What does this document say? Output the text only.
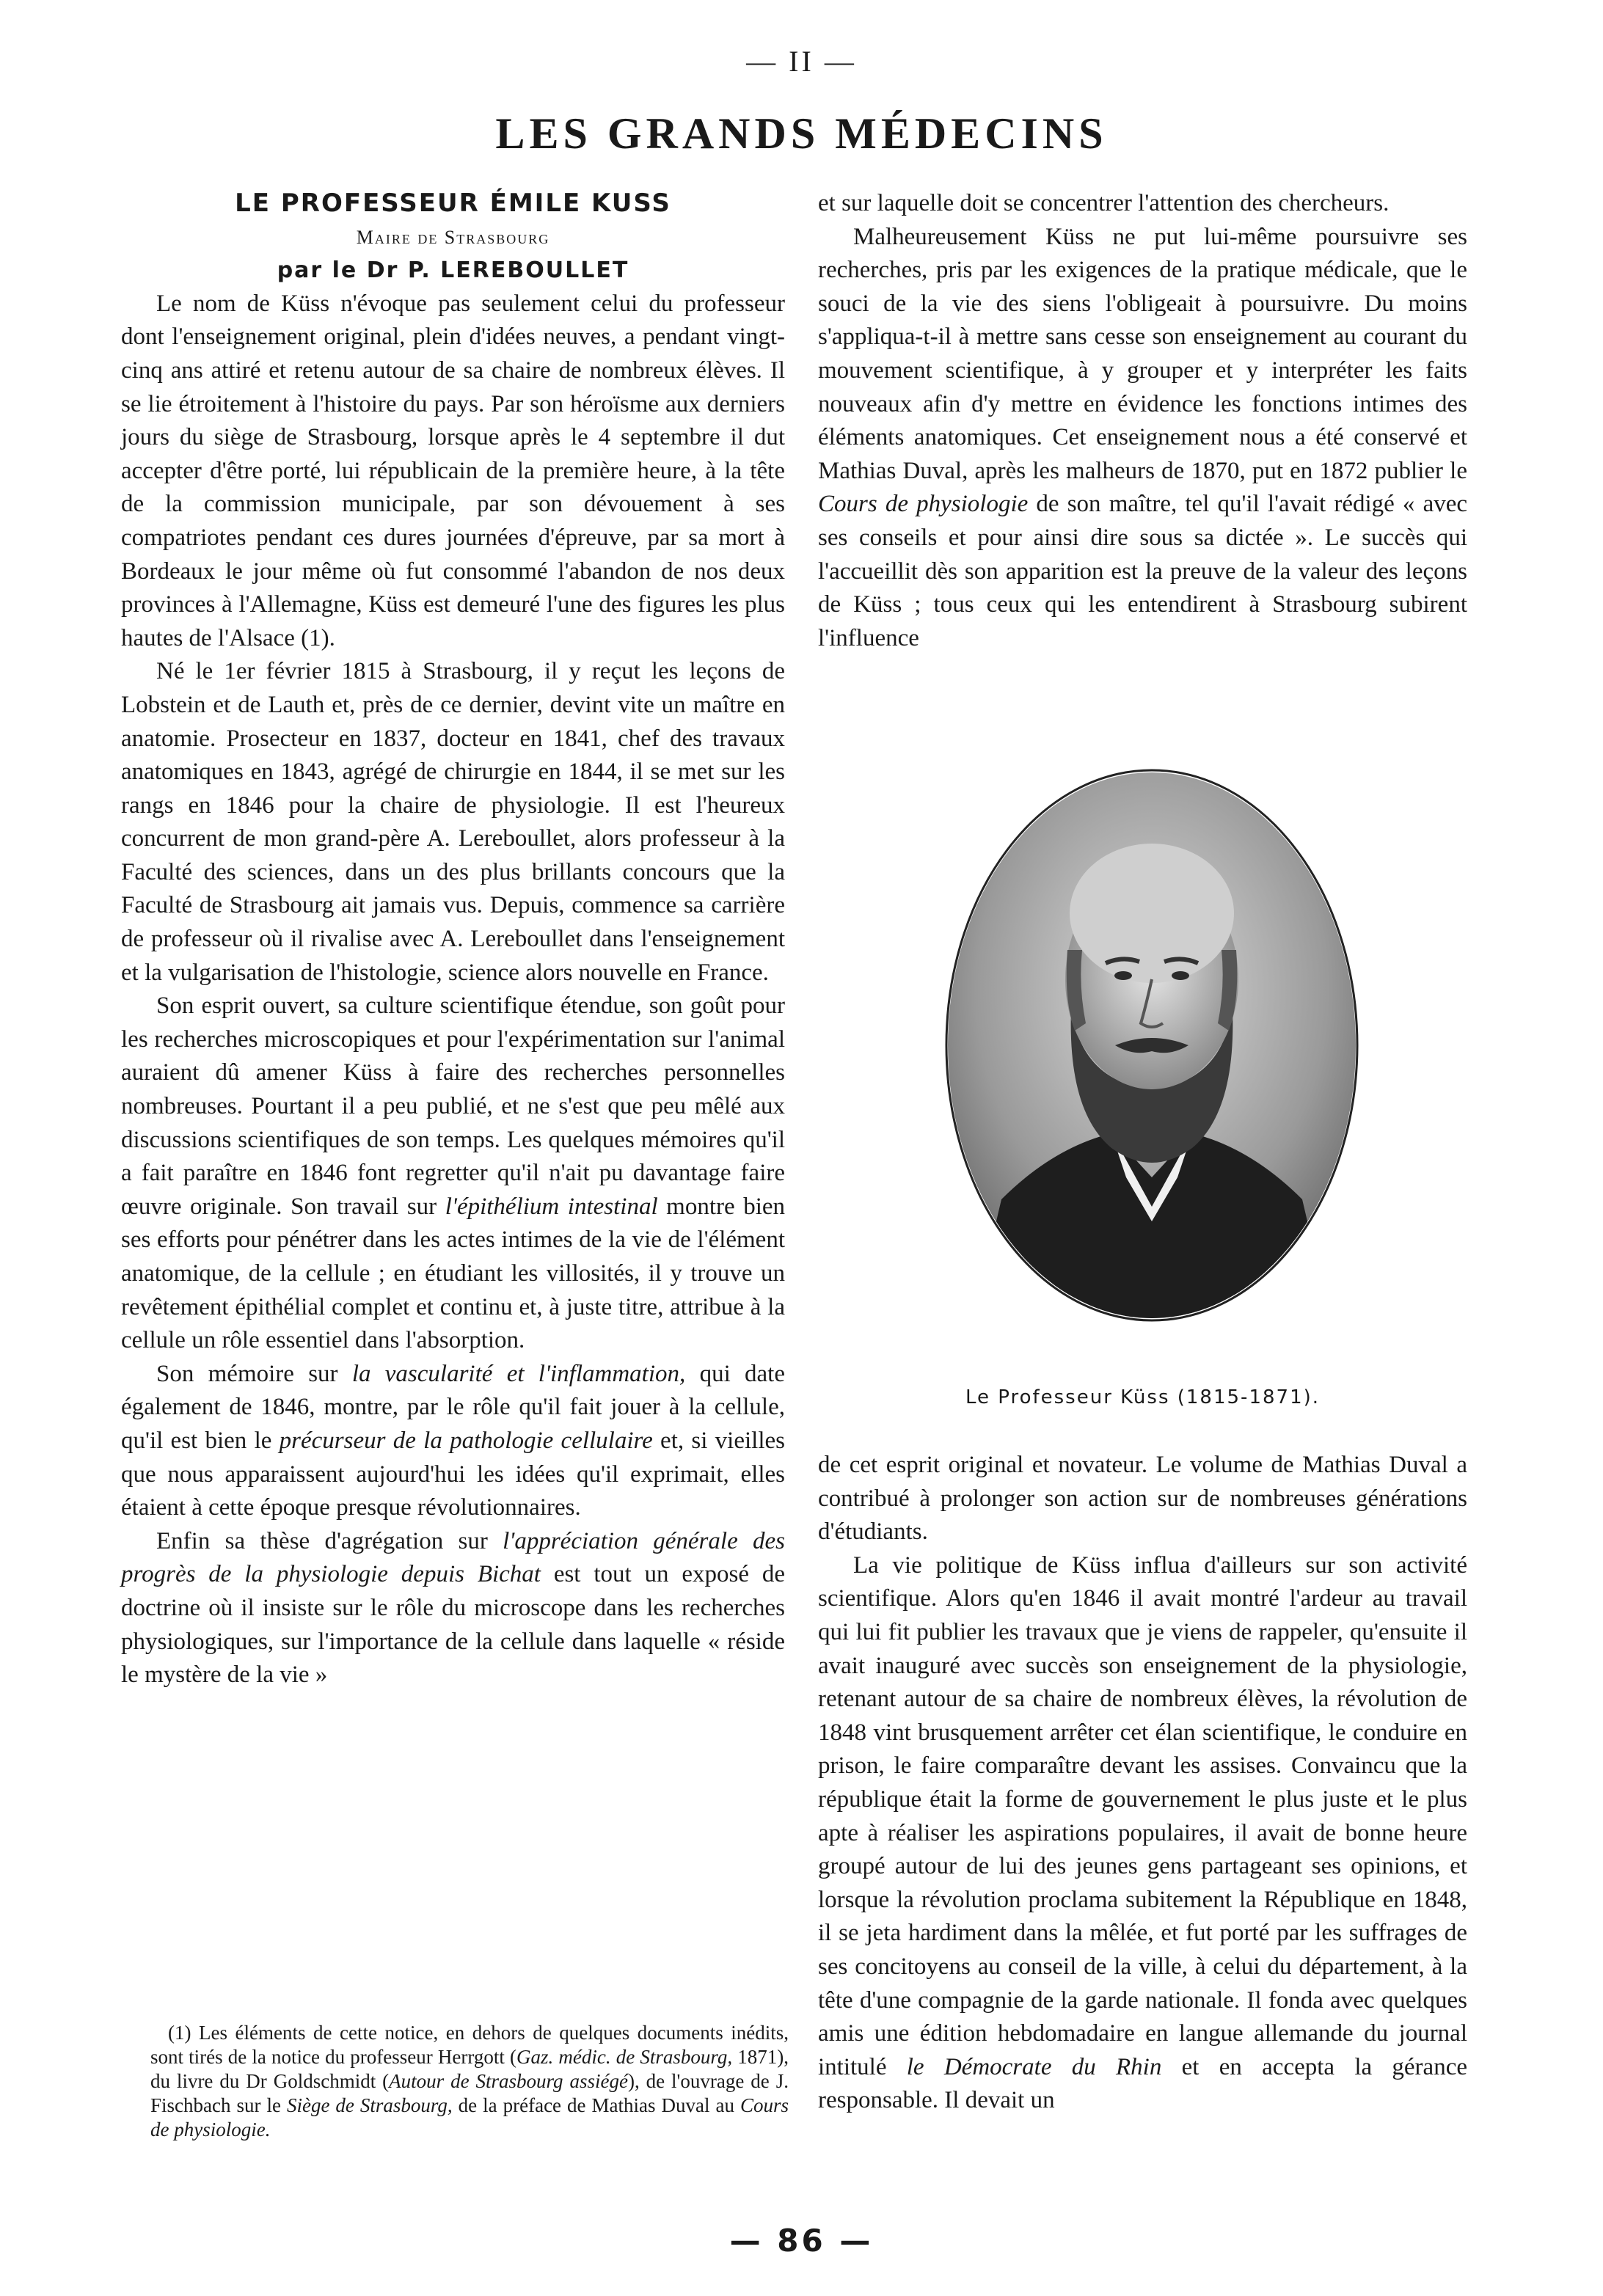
— II —
LES GRANDS MÉDECINS

LE PROFESSEUR ÉMILE KUSS

Maire de Strasbourg

par le Dr P. LEREBOULLET

Le nom de Küss n'évoque pas seulement celui du professeur dont l'enseignement original, plein d'idées neuves, a pendant vingt-cinq ans attiré et retenu autour de sa chaire de nombreux élèves. Il se lie étroitement à l'histoire du pays. Par son héroïsme aux derniers jours du siège de Strasbourg, lorsque après le 4 septembre il dut accepter d'être porté, lui républicain de la première heure, à la tête de la commission municipale, par son dévouement à ses compatriotes pendant ces dures journées d'épreuve, par sa mort à Bordeaux le jour même où fut consommé l'abandon de nos deux provinces à l'Allemagne, Küss est demeuré l'une des figures les plus hautes de l'Alsace (1).

Né le 1er février 1815 à Strasbourg, il y reçut les leçons de Lobstein et de Lauth et, près de ce dernier, devint vite un maître en anatomie. Prosecteur en 1837, docteur en 1841, chef des travaux anatomiques en 1843, agrégé de chirurgie en 1844, il se met sur les rangs en 1846 pour la chaire de physiologie. Il est l'heureux concurrent de mon grand-père A. Lereboullet, alors professeur à la Faculté des sciences, dans un des plus brillants concours que la Faculté de Strasbourg ait jamais vus. Depuis, commence sa carrière de professeur où il rivalise avec A. Lereboullet dans l'enseignement et la vulgarisation de l'histologie, science alors nouvelle en France.

Son esprit ouvert, sa culture scientifique étendue, son goût pour les recherches microscopiques et pour l'expérimentation sur l'animal auraient dû amener Küss à faire des recherches personnelles nombreuses. Pourtant il a peu publié, et ne s'est que peu mêlé aux discussions scientifiques de son temps. Les quelques mémoires qu'il a fait paraître en 1846 font regretter qu'il n'ait pu davantage faire œuvre originale. Son travail sur l'épithélium intestinal montre bien ses efforts pour pénétrer dans les actes intimes de la vie de l'élément anatomique, de la cellule ; en étudiant les villosités, il y trouve un revêtement épithélial complet et continu et, à juste titre, attribue à la cellule un rôle essentiel dans l'absorption.

Son mémoire sur la vascularité et l'inflammation, qui date également de 1846, montre, par le rôle qu'il fait jouer à la cellule, qu'il est bien le précurseur de la pathologie cellulaire et, si vieilles que nous apparaissent aujourd'hui les idées qu'il exprimait, elles étaient à cette époque presque révolutionnaires.

Enfin sa thèse d'agrégation sur l'appréciation générale des progrès de la physiologie depuis Bichat est tout un exposé de doctrine où il insiste sur le rôle du microscope dans les recherches physiologiques, sur l'importance de la cellule dans laquelle « réside le mystère de la vie »

(1) Les éléments de cette notice, en dehors de quelques documents inédits, sont tirés de la notice du professeur Herrgott (Gaz. médic. de Strasbourg, 1871), du livre du Dr Goldschmidt (Autour de Strasbourg assiégé), de l'ouvrage de J. Fischbach sur le Siège de Strasbourg, de la préface de Mathias Duval au Cours de physiologie.

et sur laquelle doit se concentrer l'attention des chercheurs.

Malheureusement Küss ne put lui-même poursuivre ses recherches, pris par les exigences de la pratique médicale, que le souci de la vie des siens l'obligeait à poursuivre. Du moins s'appliqua-t-il à mettre sans cesse son enseignement au courant du mouvement scientifique, à y grouper et y interpréter les faits nouveaux afin d'y mettre en évidence les fonctions intimes des éléments anatomiques. Cet enseignement nous a été conservé et Mathias Duval, après les malheurs de 1870, put en 1872 publier le Cours de physiologie de son maître, tel qu'il l'avait rédigé « avec ses conseils et pour ainsi dire sous sa dictée ». Le succès qui l'accueillit dès son apparition est la preuve de la valeur des leçons de Küss ; tous ceux qui les entendirent à Strasbourg subirent l'influence

Le Professeur Küss (1815-1871).

de cet esprit original et novateur. Le volume de Mathias Duval a contribué à prolonger son action sur de nombreuses générations d'étudiants.

La vie politique de Küss influa d'ailleurs sur son activité scientifique. Alors qu'en 1846 il avait montré l'ardeur au travail qui lui fit publier les travaux que je viens de rappeler, qu'ensuite il avait inauguré avec succès son enseignement de la physiologie, retenant autour de sa chaire de nombreux élèves, la révolution de 1848 vint brusquement arrêter cet élan scientifique, le conduire en prison, le faire comparaître devant les assises. Convaincu que la république était la forme de gouvernement le plus juste et le plus apte à réaliser les aspirations populaires, il avait de bonne heure groupé autour de lui des jeunes gens partageant ses opinions, et lorsque la révolution proclama subitement la République en 1848, il se jeta hardiment dans la mêlée, et fut porté par les suffrages de ses concitoyens au conseil de la ville, à celui du département, à la tête d'une compagnie de la garde nationale. Il fonda avec quelques amis une édition hebdomadaire en langue allemande du journal intitulé le Démocrate du Rhin et en accepta la gérance responsable. Il devait un

— 86 —
